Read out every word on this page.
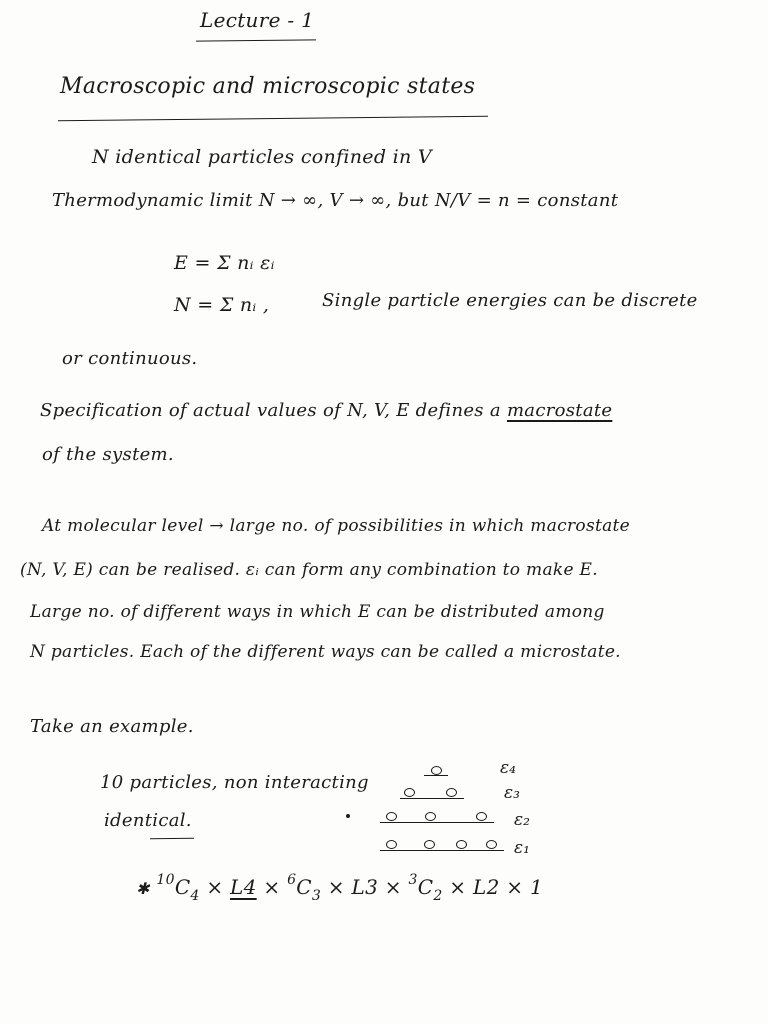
Lecture - 1
Macroscopic and microscopic states
N identical particles confined in V
Thermodynamic limit N → ∞, V → ∞, but N/V = n = constant
E = Σ nᵢ εᵢ
N = Σ nᵢ ,	Single particle energies can be discrete
or continuous.
Specification of actual values of N, V, E defines a macrostate
of the system.
At molecular level → large no. of possibilities in which macrostate
(N, V, E) can be realised. εᵢ can form any combination to make E.
Large no. of different ways in which E can be distributed among
N particles. Each of the different ways can be called a microstate.
Take an example.
10 particles, non interacting
identical.
ε₄
ε₃
ε₂
ε₁
✱ $^{10}C_4 \times L4 \times ^6C_3 \times L3 \times ^3C_2 \times L2 \times 1$
